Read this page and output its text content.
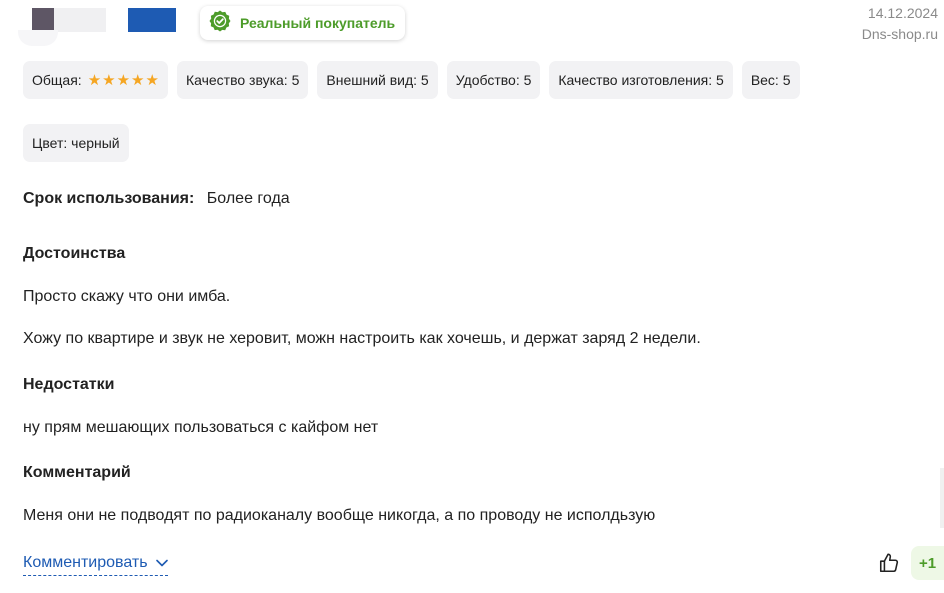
Реальный покупатель
14.12.2024
Dns-shop.ru
Общая: ★ ★ ★ ★ ★	Качество звука: 5	Внешний вид: 5	Удобство: 5	Качество изготовления: 5	Вес: 5
Цвет: черный
Срок использования: Более года
Достоинства
Просто скажу что они имба.
Хожу по квартире и звук не херовит, можн настроить как хочешь, и держат заряд 2 недели.
Недостатки
ну прям мешающих пользоваться с кайфом нет
Комментарий
Меня они не подводят по радиоканалу вообще никогда, а по проводу не исполдьзую
Комментировать	+1
